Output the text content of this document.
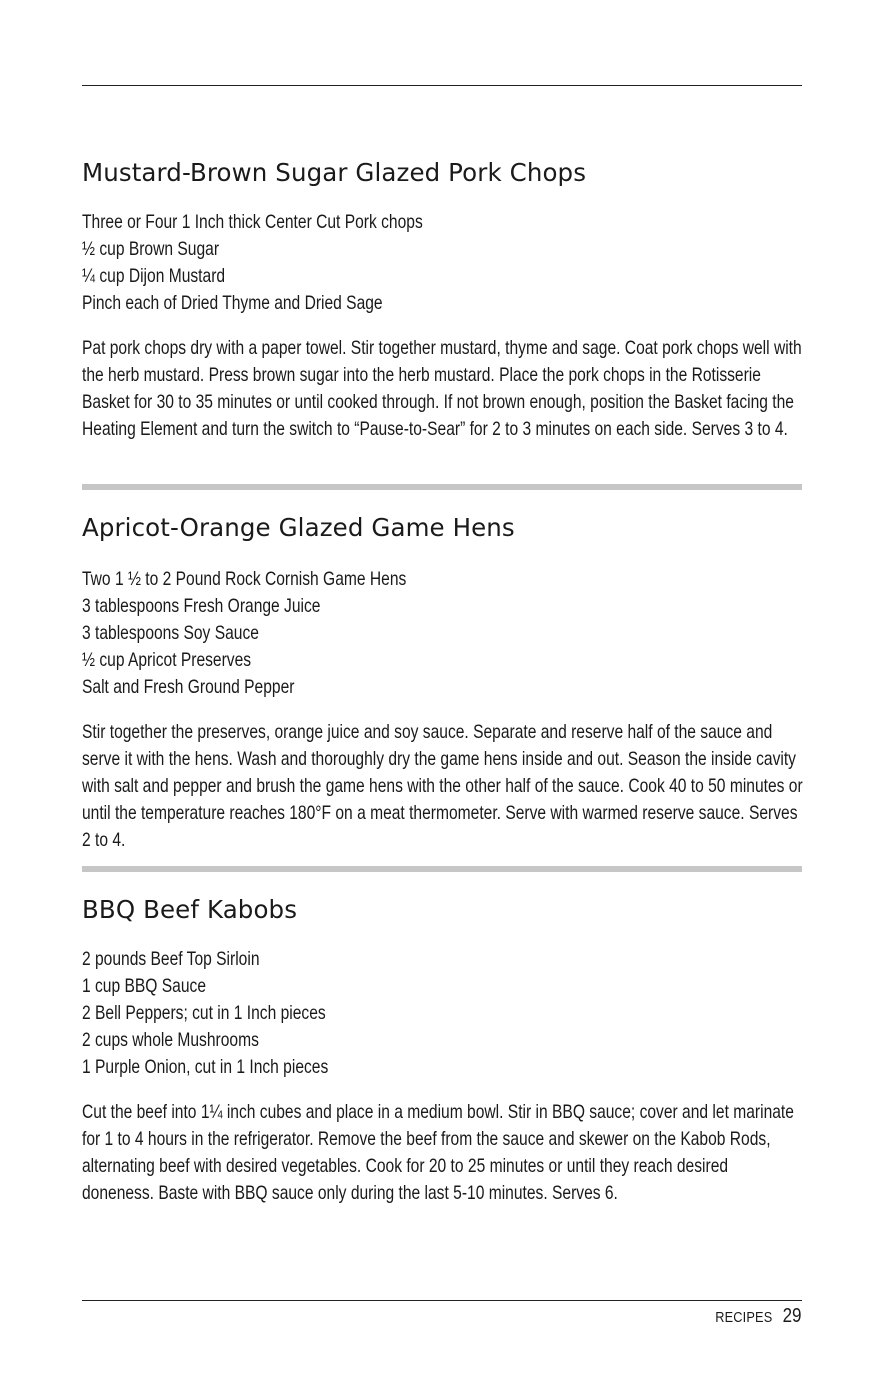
Mustard-Brown Sugar Glazed Pork Chops
Three or Four 1 Inch thick Center Cut Pork chops
½ cup Brown Sugar
¼ cup Dijon Mustard
Pinch each of Dried Thyme and Dried Sage

Pat pork chops dry with a paper towel. Stir together mustard, thyme and sage. Coat pork chops well with the herb mustard. Press brown sugar into the herb mustard. Place the pork chops in the Rotisserie Basket for 30 to 35 minutes or until cooked through. If not brown enough, position the Basket facing the Heating Element and turn the switch to “Pause-to-Sear” for 2 to 3 minutes on each side. Serves 3 to 4.

Apricot-Orange Glazed Game Hens
Two 1 ½ to 2 Pound Rock Cornish Game Hens
3 tablespoons Fresh Orange Juice
3 tablespoons Soy Sauce
½ cup Apricot Preserves
Salt and Fresh Ground Pepper

Stir together the preserves, orange juice and soy sauce. Separate and reserve half of the sauce and serve it with the hens. Wash and thoroughly dry the game hens inside and out. Season the inside cavity with salt and pepper and brush the game hens with the other half of the sauce. Cook 40 to 50 minutes or until the temperature reaches 180°F on a meat thermometer. Serve with warmed reserve sauce. Serves 2 to 4.

BBQ Beef Kabobs
2 pounds Beef Top Sirloin
1 cup BBQ Sauce
2 Bell Peppers; cut in 1 Inch pieces
2 cups whole Mushrooms
1 Purple Onion, cut in 1 Inch pieces

Cut the beef into 1¼ inch cubes and place in a medium bowl. Stir in BBQ sauce; cover and let marinate for 1 to 4 hours in the refrigerator. Remove the beef from the sauce and skewer on the Kabob Rods, alternating beef with desired vegetables. Cook for 20 to 25 minutes or until they reach desired doneness. Baste with BBQ sauce only during the last 5-10 minutes. Serves 6.

RECIPES 29
